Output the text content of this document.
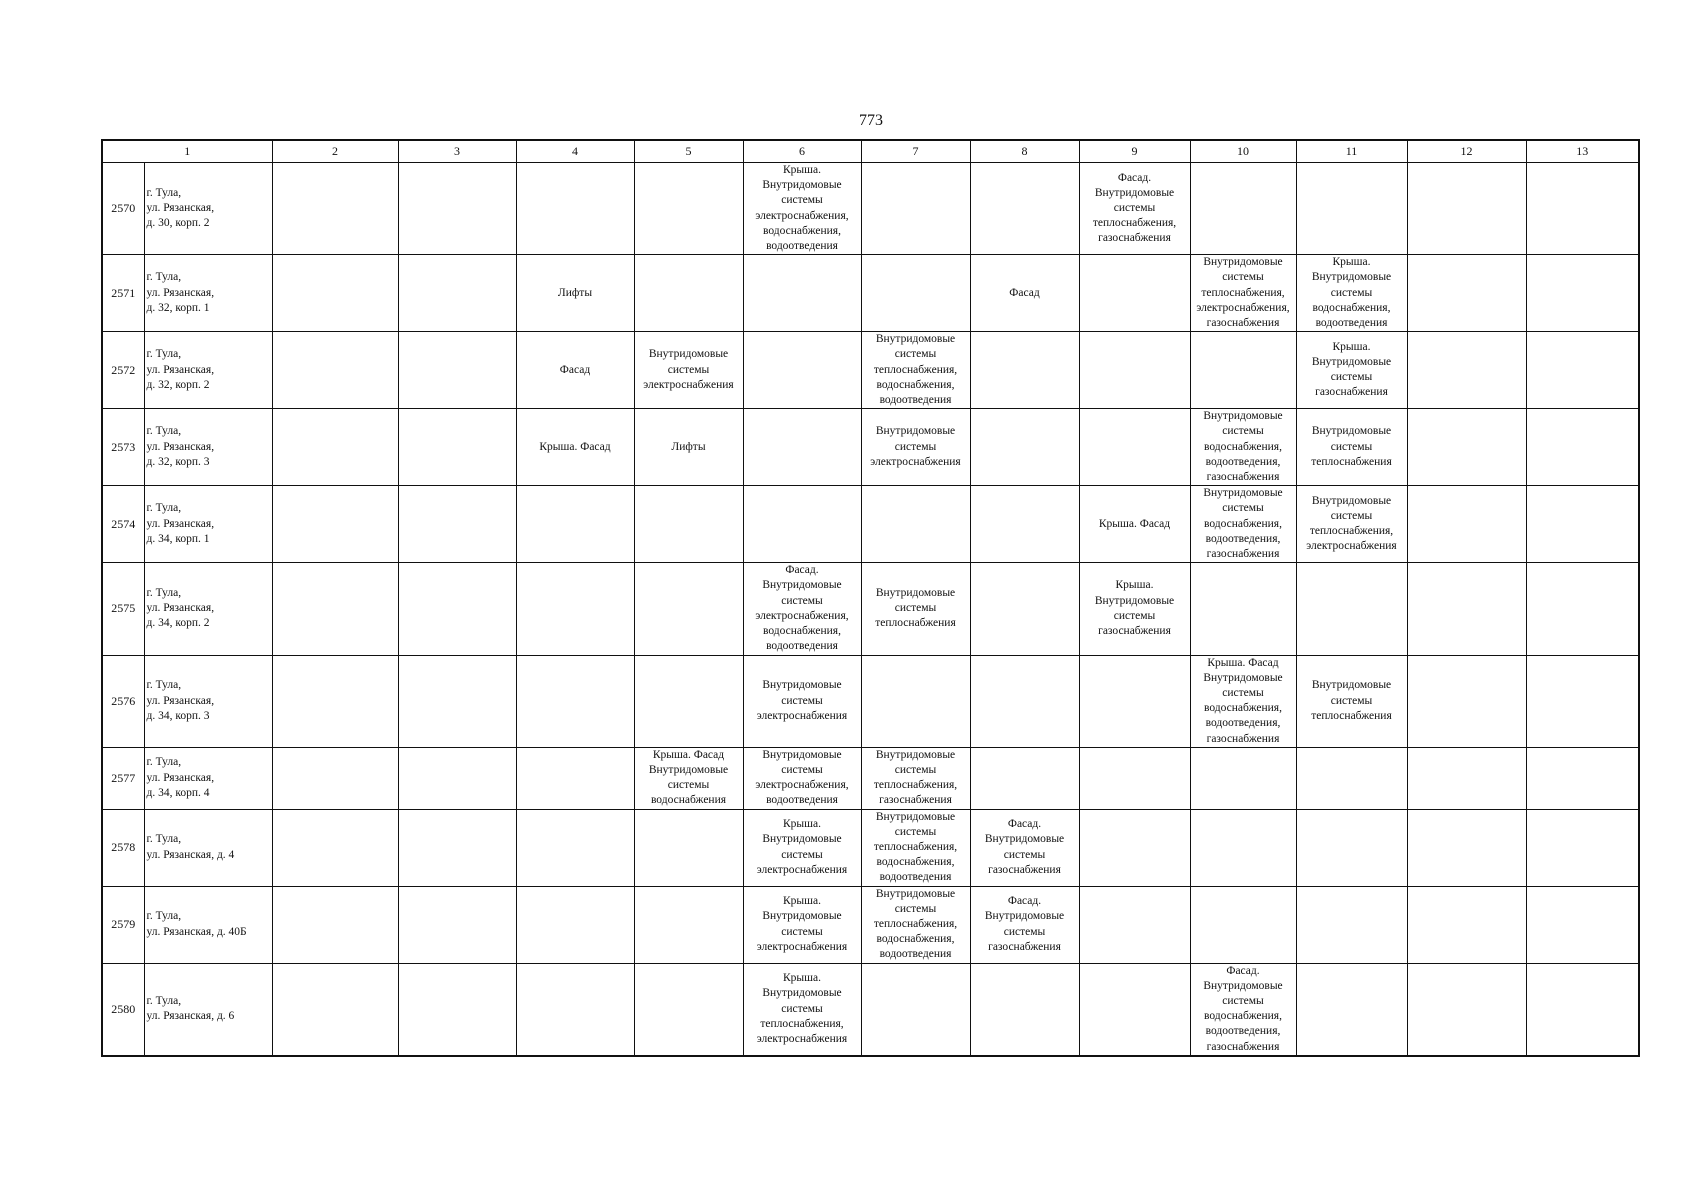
773
1		2	3	4	5	6	7	8	9	10	11	12	13
2570	г. Тула,
ул. Рязанская,
д. 30, корп. 2					Крыша. Внутридомовые системы электроснабжения, водоснабжения, водоотведения			Фасад. Внутридомовые системы теплоснабжения, газоснабжения				

2571	г. Тула,
ул. Рязанская,
д. 32, корп. 1			Лифты				Фасад		Внутридомовые системы теплоснабжения, электроснабжения, газоснабжения	Крыша. Внутридомовые системы водоснабжения, водоотведения		

2572	г. Тула,
ул. Рязанская,
д. 32, корп. 2			Фасад	Внутридомовые системы электроснабжения		Внутридомовые системы теплоснабжения, водоснабжения, водоотведения				Крыша. Внутридомовые системы газоснабжения		

2573	г. Тула,
ул. Рязанская,
д. 32, корп. 3			Крыша. Фасад	Лифты		Внутридомовые системы электроснабжения			Внутридомовые системы водоснабжения, водоотведения, газоснабжения	Внутридомовые системы теплоснабжения		

2574	г. Тула,
ул. Рязанская,
д. 34, корп. 1								Крыша. Фасад	Внутридомовые системы водоснабжения, водоотведения, газоснабжения	Внутридомовые системы теплоснабжения, электроснабжения		

2575	г. Тула,
ул. Рязанская,
д. 34, корп. 2					Фасад. Внутридомовые системы электроснабжения, водоснабжения, водоотведения	Внутридомовые системы теплоснабжения		Крыша. Внутридомовые системы газоснабжения				

2576	г. Тула,
ул. Рязанская,
д. 34, корп. 3					Внутридомовые системы электроснабжения				Крыша. Фасад Внутридомовые системы водоснабжения, водоотведения, газоснабжения	Внутридомовые системы теплоснабжения		

2577	г. Тула,
ул. Рязанская,
д. 34, корп. 4				Крыша. Фасад Внутридомовые системы водоснабжения	Внутридомовые системы электроснабжения, водоотведения	Внутридомовые системы теплоснабжения, газоснабжения						

2578	г. Тула,
ул. Рязанская, д. 4					Крыша. Внутридомовые системы электроснабжения	Внутридомовые системы теплоснабжения, водоснабжения, водоотведения	Фасад. Внутридомовые системы газоснабжения					

2579	г. Тула,
ул. Рязанская, д. 40Б					Крыша. Внутридомовые системы электроснабжения	Внутридомовые системы теплоснабжения, водоснабжения, водоотведения	Фасад. Внутридомовые системы газоснабжения					

2580	г. Тула,
ул. Рязанская, д. 6					Крыша. Внутридомовые системы теплоснабжения, электроснабжения				Фасад. Внутридомовые системы водоснабжения, водоотведения, газоснабжения			
